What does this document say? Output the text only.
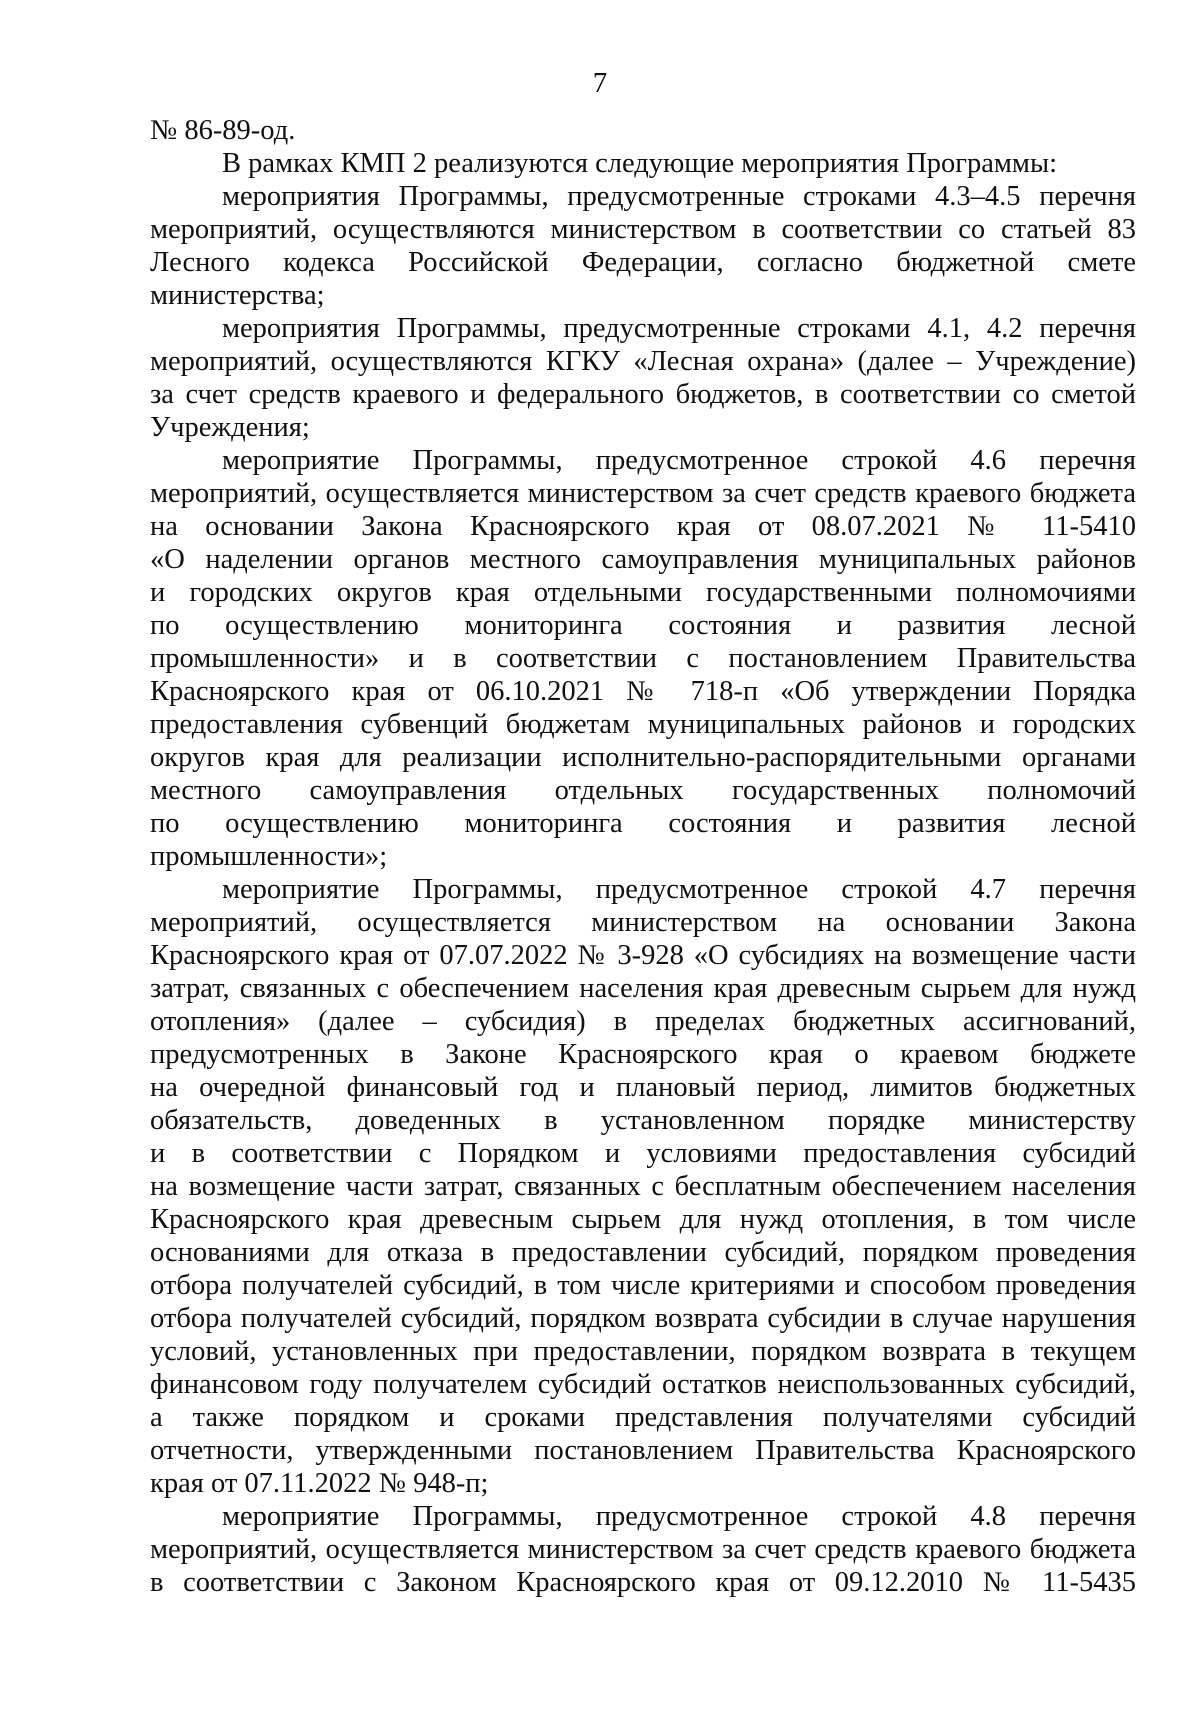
7
№ 86-89-од.
В рамках КМП 2 реализуются следующие мероприятия Программы:
мероприятия Программы, предусмотренные строками 4.3–4.5 перечня
мероприятий, осуществляются министерством в соответствии со статьей 83
Лесного кодекса Российской Федерации, согласно бюджетной смете
министерства;
мероприятия Программы, предусмотренные строками 4.1, 4.2 перечня
мероприятий, осуществляются КГКУ «Лесная охрана» (далее – Учреждение)
за счет средств краевого и федерального бюджетов, в соответствии со сметой
Учреждения;
мероприятие Программы, предусмотренное строкой 4.6 перечня
мероприятий, осуществляется министерством за счет средств краевого бюджета
на основании Закона Красноярского края от 08.07.2021 № 11-5410
«О наделении органов местного самоуправления муниципальных районов
и городских округов края отдельными государственными полномочиями
по осуществлению мониторинга состояния и развития лесной
промышленности» и в соответствии с постановлением Правительства
Красноярского края от 06.10.2021 № 718-п «Об утверждении Порядка
предоставления субвенций бюджетам муниципальных районов и городских
округов края для реализации исполнительно-распорядительными органами
местного самоуправления отдельных государственных полномочий
по осуществлению мониторинга состояния и развития лесной
промышленности»;
мероприятие Программы, предусмотренное строкой 4.7 перечня
мероприятий, осуществляется министерством на основании Закона
Красноярского края от 07.07.2022 № 3-928 «О субсидиях на возмещение части
затрат, связанных с обеспечением населения края древесным сырьем для нужд
отопления» (далее – субсидия) в пределах бюджетных ассигнований,
предусмотренных в Законе Красноярского края о краевом бюджете
на очередной финансовый год и плановый период, лимитов бюджетных
обязательств, доведенных в установленном порядке министерству
и в соответствии с Порядком и условиями предоставления субсидий
на возмещение части затрат, связанных с бесплатным обеспечением населения
Красноярского края древесным сырьем для нужд отопления, в том числе
основаниями для отказа в предоставлении субсидий, порядком проведения
отбора получателей субсидий, в том числе критериями и способом проведения
отбора получателей субсидий, порядком возврата субсидии в случае нарушения
условий, установленных при предоставлении, порядком возврата в текущем
финансовом году получателем субсидий остатков неиспользованных субсидий,
а также порядком и сроками представления получателями субсидий
отчетности, утвержденными постановлением Правительства Красноярского
края от 07.11.2022 № 948-п;
мероприятие Программы, предусмотренное строкой 4.8 перечня
мероприятий, осуществляется министерством за счет средств краевого бюджета
в соответствии с Законом Красноярского края от 09.12.2010 № 11-5435
